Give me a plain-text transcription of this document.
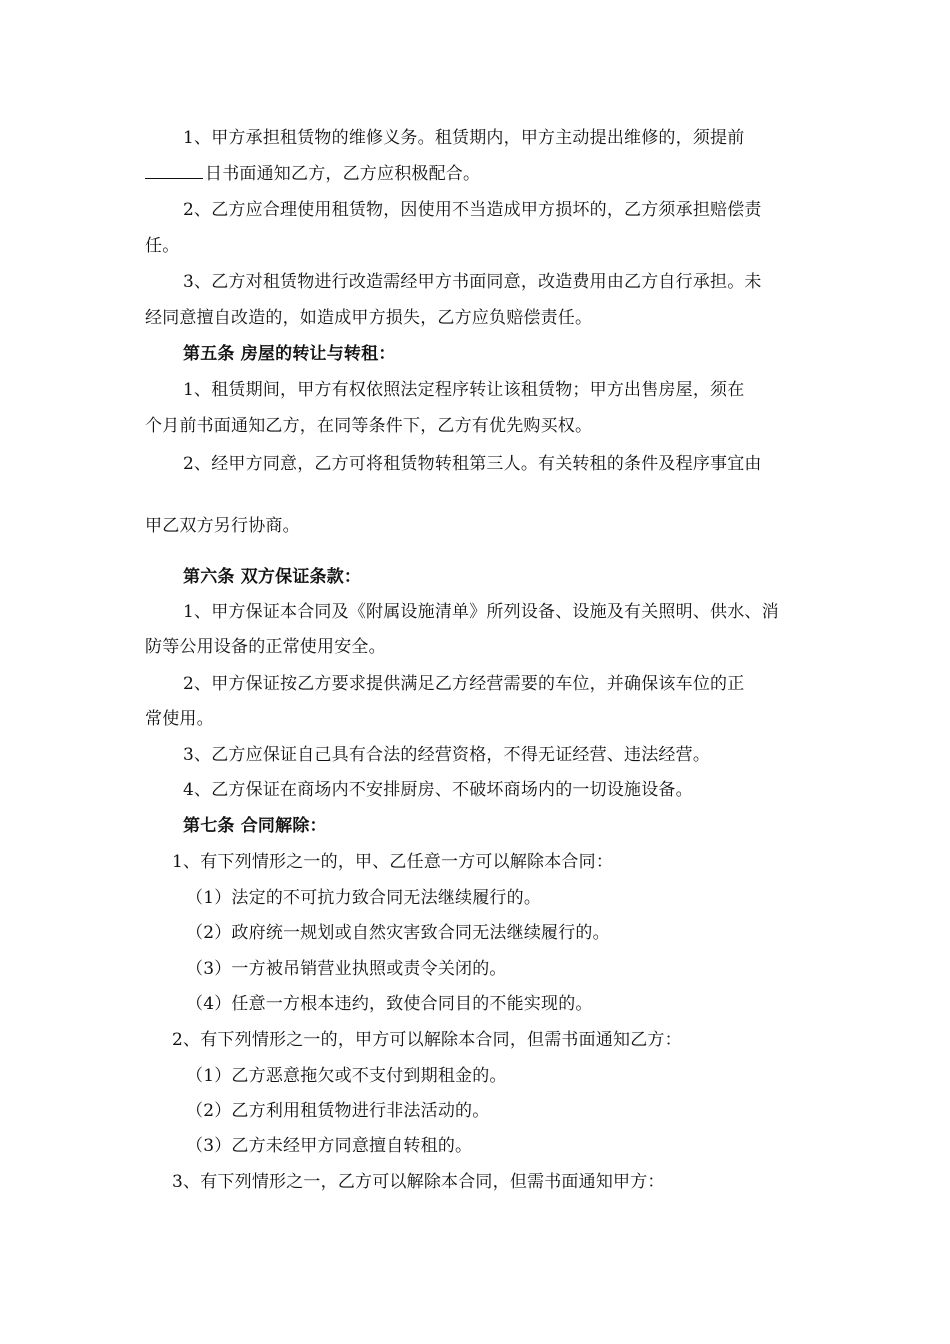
1、甲方承担租赁物的维修义务。租赁期内，甲方主动提出维修的，须提前
日书面通知乙方，乙方应积极配合。
2、乙方应合理使用租赁物，因使用不当造成甲方损坏的，乙方须承担赔偿责
任。
3、乙方对租赁物进行改造需经甲方书面同意，改造费用由乙方自行承担。未
经同意擅自改造的，如造成甲方损失，乙方应负赔偿责任。
第五条 房屋的转让与转租：
1、租赁期间，甲方有权依照法定程序转让该租赁物；甲方出售房屋，须在
个月前书面通知乙方，在同等条件下，乙方有优先购买权。
2、经甲方同意，乙方可将租赁物转租第三人。有关转租的条件及程序事宜由
甲乙双方另行协商。
第六条 双方保证条款：
1、甲方保证本合同及《附属设施清单》所列设备、设施及有关照明、供水、消
防等公用设备的正常使用安全。
2、甲方保证按乙方要求提供满足乙方经营需要的车位，并确保该车位的正
常使用。
3、乙方应保证自己具有合法的经营资格，不得无证经营、违法经营。
4、乙方保证在商场内不安排厨房、不破坏商场内的一切设施设备。
第七条 合同解除：
1、有下列情形之一的，甲、乙任意一方可以解除本合同：
（1）法定的不可抗力致合同无法继续履行的。
（2）政府统一规划或自然灾害致合同无法继续履行的。
（3）一方被吊销营业执照或责令关闭的。
（4）任意一方根本违约，致使合同目的不能实现的。
2、有下列情形之一的，甲方可以解除本合同，但需书面通知乙方：
（1）乙方恶意拖欠或不支付到期租金的。
（2）乙方利用租赁物进行非法活动的。
（3）乙方未经甲方同意擅自转租的。
3、有下列情形之一，乙方可以解除本合同，但需书面通知甲方：
